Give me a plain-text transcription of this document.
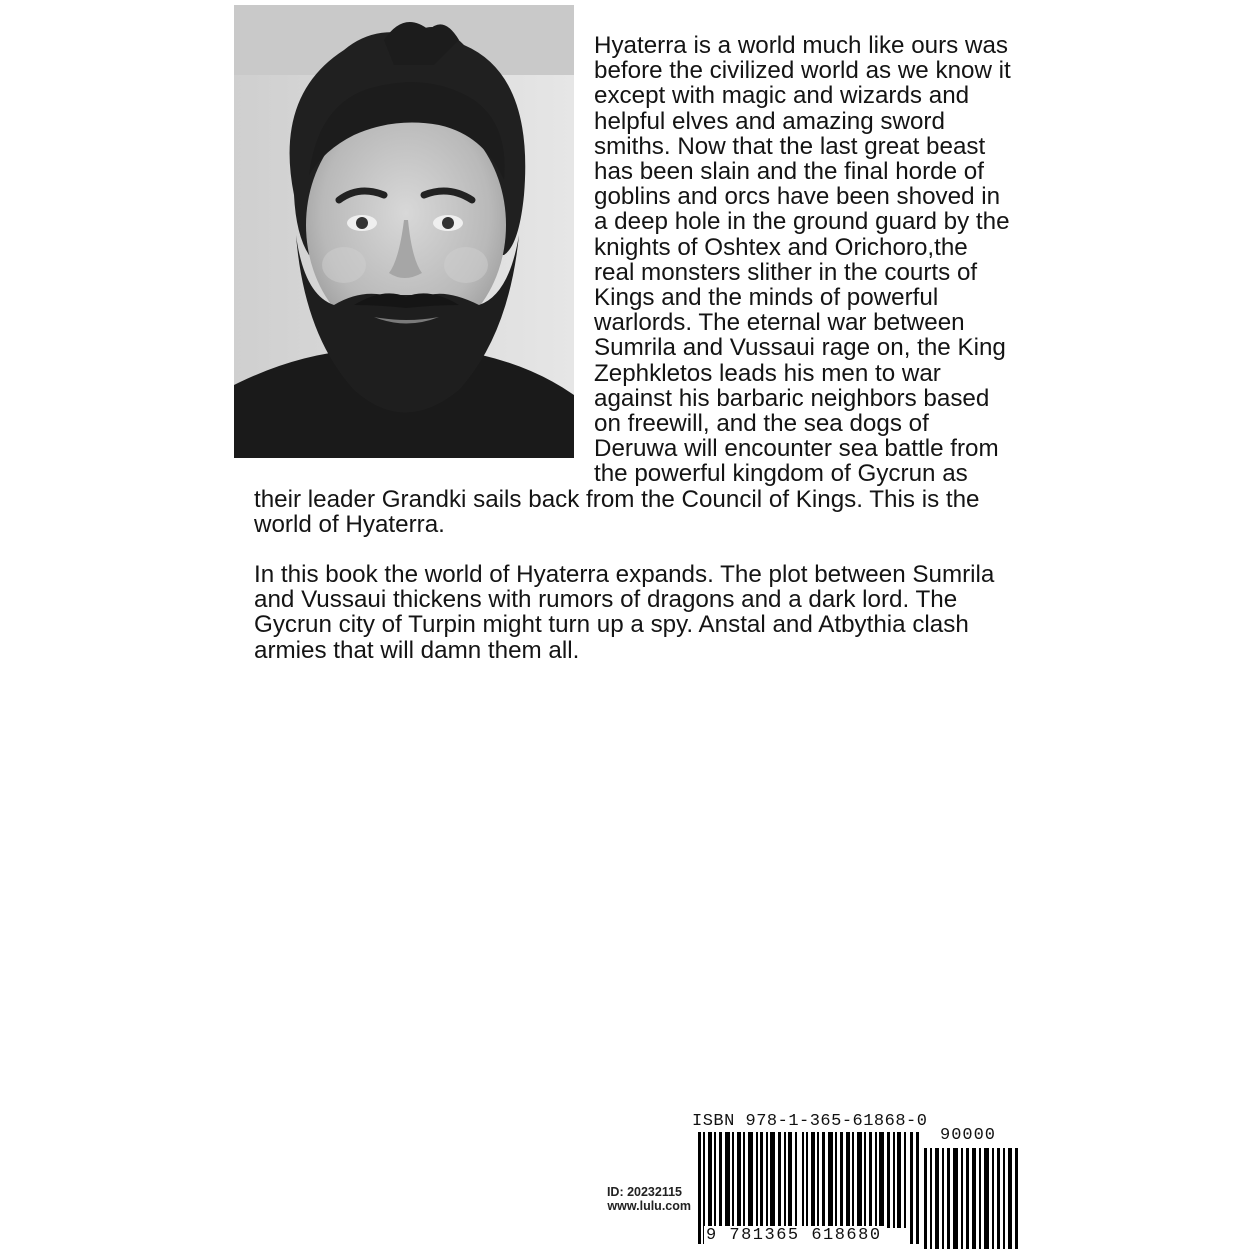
Hyaterra is a world much like ours was before the civilized world as we know it except with magic and wizards and helpful elves and amazing sword smiths. Now that the last great beast has been slain and the final horde of goblins and orcs have been shoved in a deep hole in the ground guard by the knights of Oshtex and Orichoro,the real monsters slither in the courts of Kings and the minds of powerful warlords. The eternal war between Sumrila and Vussaui rage on, the King Zephkletos leads his men to war against his barbaric neighbors based on freewill, and the sea dogs of Deruwa will encounter sea battle from the powerful kingdom of Gycrun as their leader Grandki sails back from the Council of Kings. This is the world of Hyaterra.

In this book the world of Hyaterra expands. The plot between Sumrila and Vussaui thickens with rumors of dragons and a dark lord. The Gycrun city of Turpin might turn up a spy. Anstal and Atbythia clash armies that will damn them all.

ISBN 978-1-365-61868-0
90000
9 781365 618680
ID: 20232115
www.lulu.com
